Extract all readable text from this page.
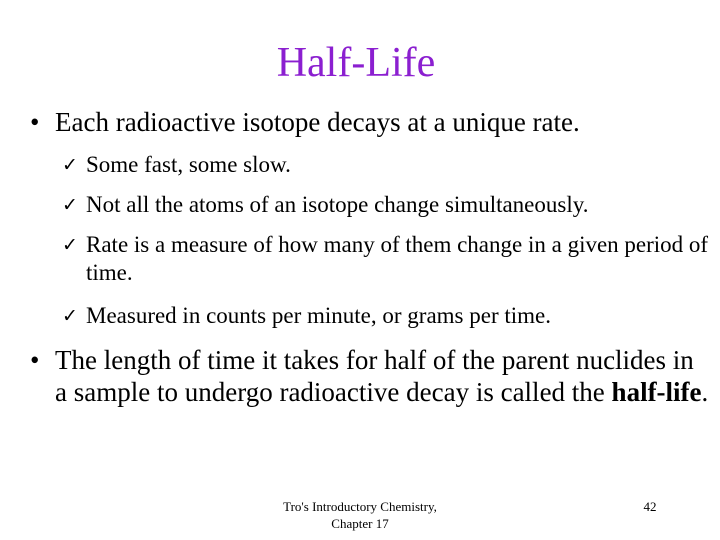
Half-Life
• Each radioactive isotope decays at a unique rate.
✓ Some fast, some slow.
✓ Not all the atoms of an isotope change simultaneously.
✓ Rate is a measure of how many of them change in a given period of time.
✓ Measured in counts per minute, or grams per time.
• The length of time it takes for half of the parent nuclides in a sample to undergo radioactive decay is called the half-life.
Tro's Introductory Chemistry,
Chapter 17
42
